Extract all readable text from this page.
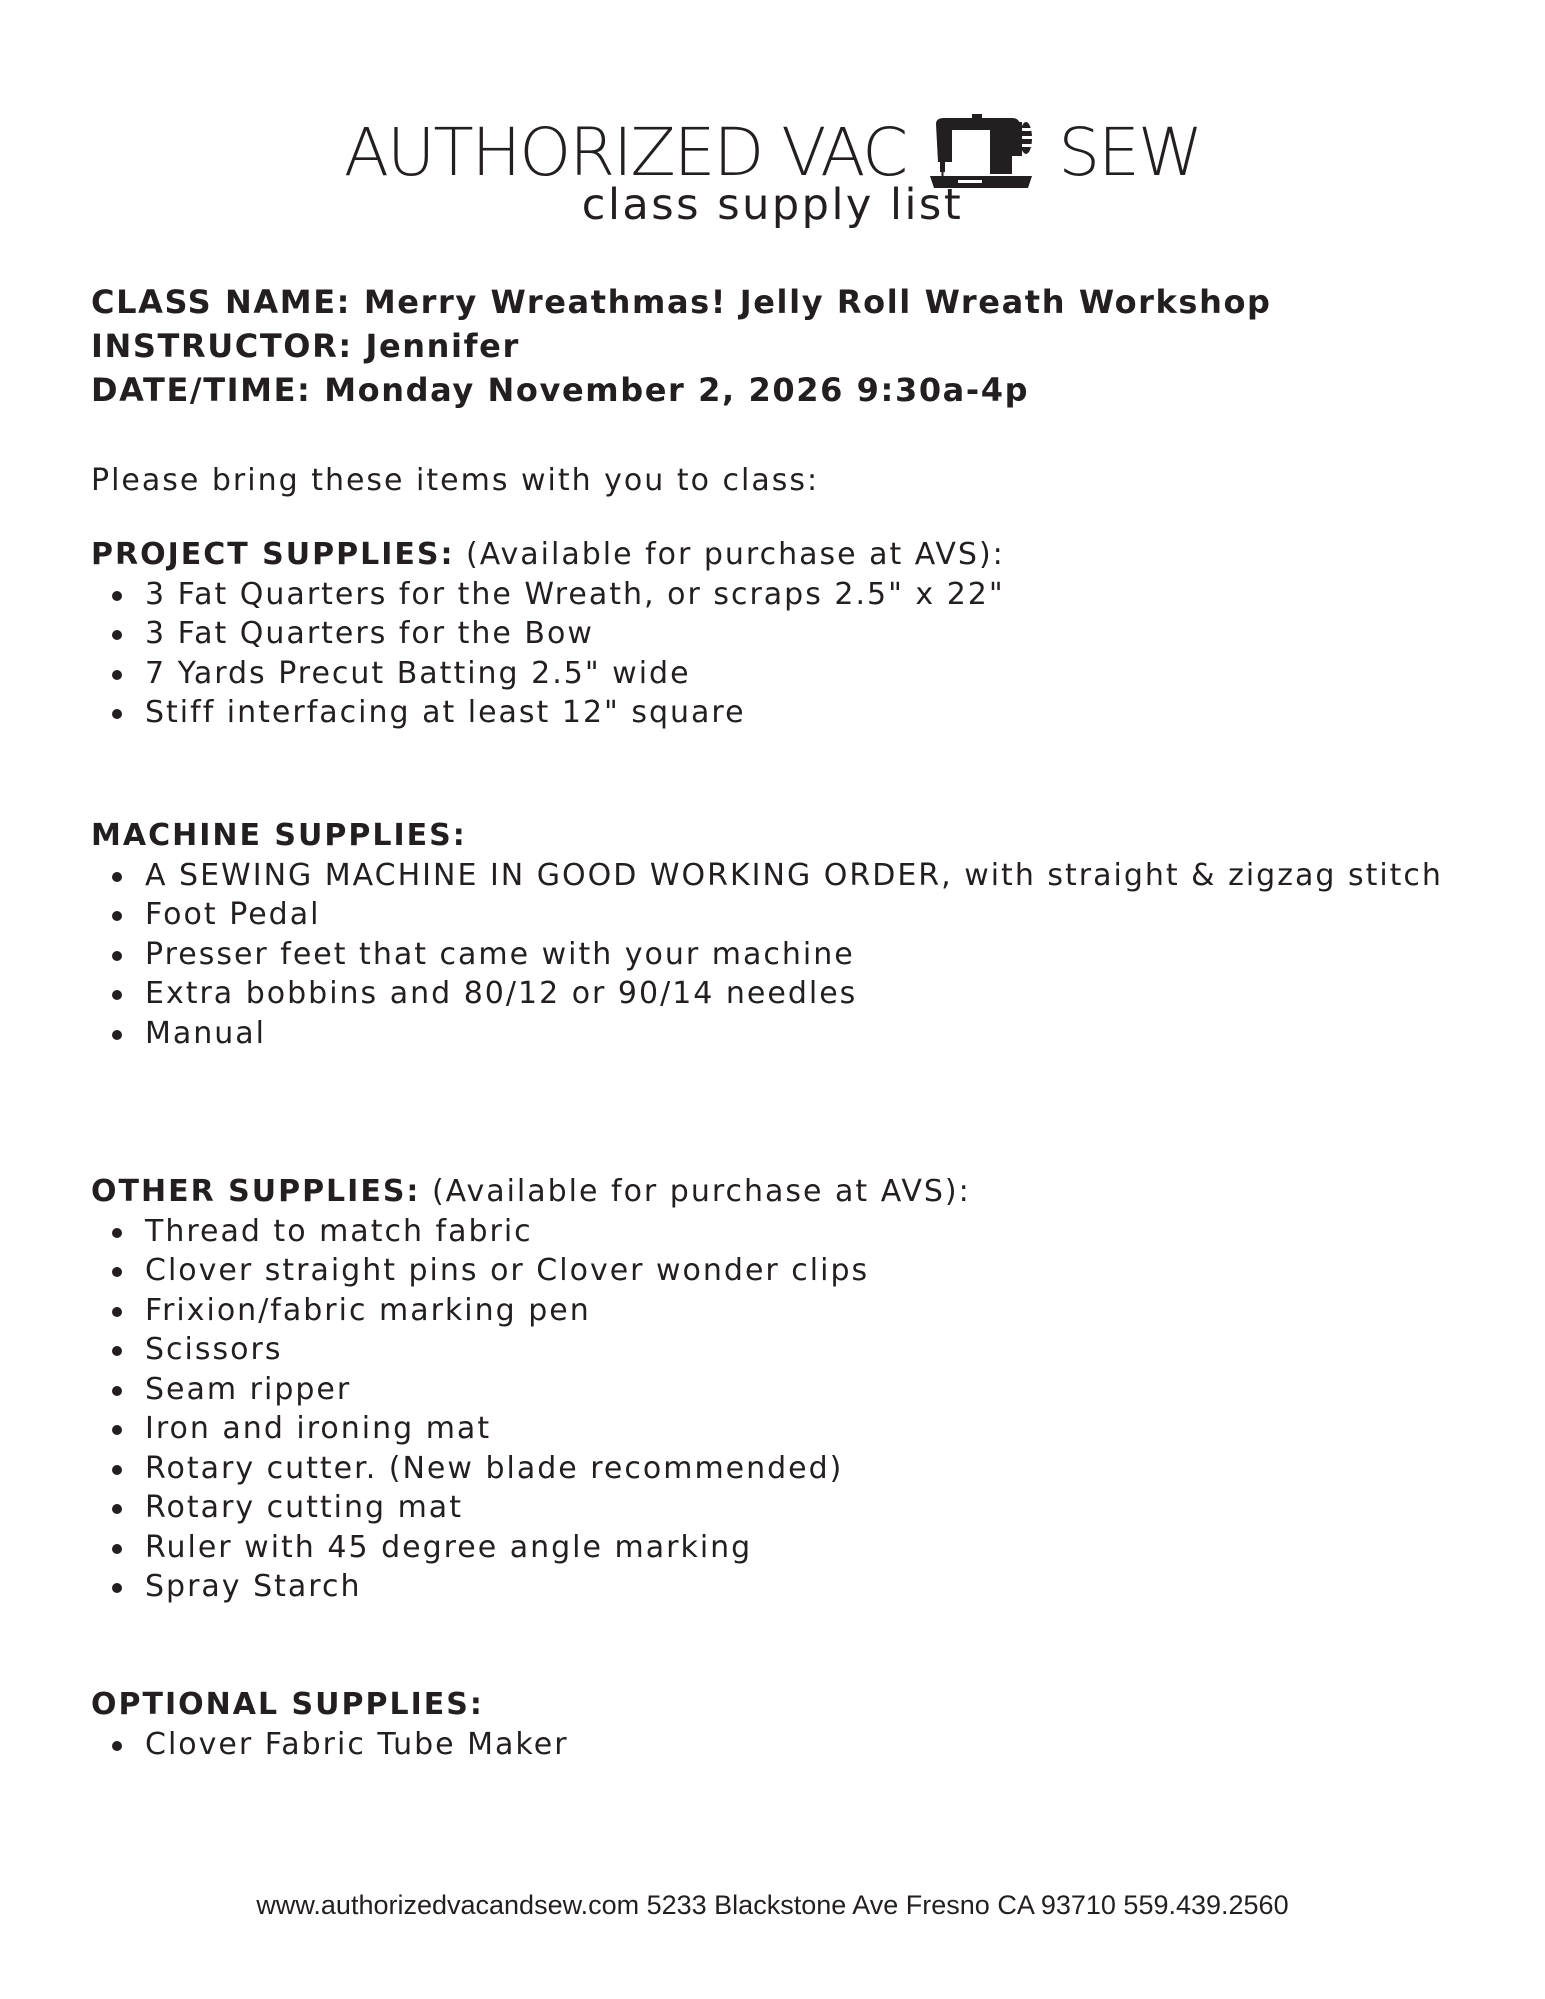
AUTHORIZED VAC SEW
class supply list
CLASS NAME: Merry Wreathmas! Jelly Roll Wreath Workshop
INSTRUCTOR: Jennifer
DATE/TIME: Monday November 2, 2026 9:30a-4p
Please bring these items with you to class:
PROJECT SUPPLIES: (Available for purchase at AVS):
3 Fat Quarters for the Wreath, or scraps 2.5" x 22"
3 Fat Quarters for the Bow
7 Yards Precut Batting 2.5" wide
Stiff interfacing at least 12" square
MACHINE SUPPLIES:
A SEWING MACHINE IN GOOD WORKING ORDER, with straight & zigzag stitch
Foot Pedal
Presser feet that came with your machine
Extra bobbins and 80/12 or 90/14 needles
Manual
OTHER SUPPLIES: (Available for purchase at AVS):
Thread to match fabric
Clover straight pins or Clover wonder clips
Frixion/fabric marking pen
Scissors
Seam ripper
Iron and ironing mat
Rotary cutter. (New blade recommended)
Rotary cutting mat
Ruler with 45 degree angle marking
Spray Starch
OPTIONAL SUPPLIES:
Clover Fabric Tube Maker
www.authorizedvacandsew.com 5233 Blackstone Ave Fresno CA 93710 559.439.2560
